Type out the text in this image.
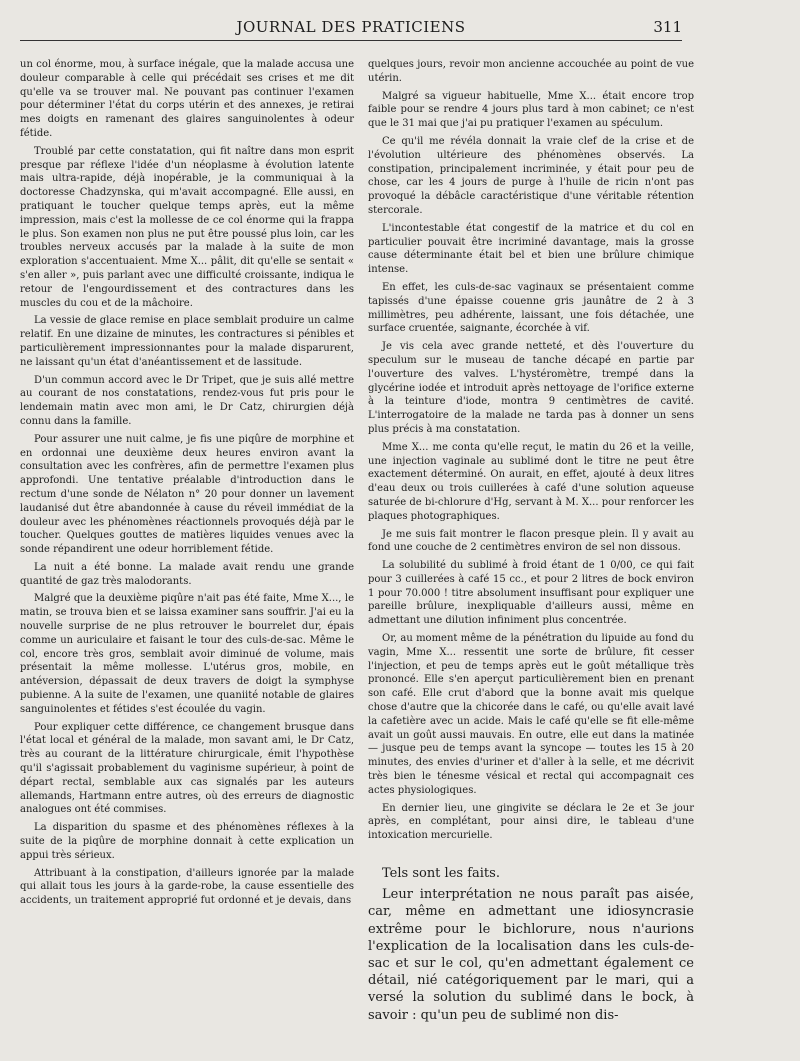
JOURNAL DES PRATICIENS	311

un col énorme, mou, à surface inégale, que la malade accusa une douleur comparable à celle qui précédait ses crises et me dit qu'elle va se trouver mal. Ne pouvant pas continuer l'examen pour déterminer l'état du corps utérin et des annexes, je retirai mes doigts en ramenant des glaires sanguinolentes à odeur fétide.

Troublé par cette constatation, qui fit naître dans mon esprit presque par réflexe l'idée d'un néoplasme à évolution latente mais ultra-rapide, déjà inopérable, je la communiquai à la doctoresse Chadzynska, qui m'avait accompagné. Elle aussi, en pratiquant le toucher quelque temps après, eut la même impression, mais c'est la mollesse de ce col énorme qui la frappa le plus. Son examen non plus ne put être poussé plus loin, car les troubles nerveux accusés par la malade à la suite de mon exploration s'accentuaient. Mme X... pâlit, dit qu'elle se sentait « s'en aller », puis parlant avec une difficulté croissante, indiqua le retour de l'engourdissement et des contractures dans les muscles du cou et de la mâchoire.

La vessie de glace remise en place semblait produire un calme relatif. En une dizaine de minutes, les contractures si pénibles et particulièrement impressionnantes pour la malade disparurent, ne laissant qu'un état d'anéantissement et de lassitude.

D'un commun accord avec le Dr Tripet, que je suis allé mettre au courant de nos constatations, rendez-vous fut pris pour le lendemain matin avec mon ami, le Dr Catz, chirurgien déjà connu dans la famille.

Pour assurer une nuit calme, je fis une piqûre de morphine et en ordonnai une deuxième deux heures environ avant la consultation avec les confrères, afin de permettre l'examen plus approfondi. Une tentative préalable d'introduction dans le rectum d'une sonde de Nélaton n° 20 pour donner un lavement laudanisé dut être abandonnée à cause du réveil immédiat de la douleur avec les phénomènes réactionnels provoqués déjà par le toucher. Quelques gouttes de matières liquides venues avec la sonde répandirent une odeur horriblement fétide.

La nuit a été bonne. La malade avait rendu une grande quantité de gaz très malodorants.

Malgré que la deuxième piqûre n'ait pas été faite, Mme X..., le matin, se trouva bien et se laissa examiner sans souffrir. J'ai eu la nouvelle surprise de ne plus retrouver le bourrelet dur, épais comme un auriculaire et faisant le tour des culs-de-sac. Même le col, encore très gros, semblait avoir diminué de volume, mais présentait la même mollesse. L'utérus gros, mobile, en antéversion, dépassait de deux travers de doigt la symphyse pubienne. A la suite de l'examen, une quaniité notable de glaires sanguinolentes et fétides s'est écoulée du vagin.

Pour expliquer cette différence, ce changement brusque dans l'état local et général de la malade, mon savant ami, le Dr Catz, très au courant de la littérature chirurgicale, émit l'hypothèse qu'il s'agissait probablement du vaginisme supérieur, à point de départ rectal, semblable aux cas signalés par les auteurs allemands, Hartmann entre autres, où des erreurs de diagnostic analogues ont été commises.

La disparition du spasme et des phénomènes réflexes à la suite de la piqûre de morphine donnait à cette explication un appui très sérieux.

Attribuant à la constipation, d'ailleurs ignorée par la malade qui allait tous les jours à la garde-robe, la cause essentielle des accidents, un traitement approprié fut ordonné et je devais, dans

quelques jours, revoir mon ancienne accouchée au point de vue utérin.

Malgré sa vigueur habituelle, Mme X... était encore trop faible pour se rendre 4 jours plus tard à mon cabinet; ce n'est que le 31 mai que j'ai pu pratiquer l'examen au spéculum.

Ce qu'il me révéla donnait la vraie clef de la crise et de l'évolution ultérieure des phénomènes observés. La constipation, principalement incriminée, y était pour peu de chose, car les 4 jours de purge à l'huile de ricin n'ont pas provoqué la débâcle caractéristique d'une véritable rétention stercorale.

L'incontestable état congestif de la matrice et du col en particulier pouvait être incriminé davantage, mais la grosse cause déterminante était bel et bien une brûlure chimique intense.

En effet, les culs-de-sac vaginaux se présentaient comme tapissés d'une épaisse couenne gris jaunâtre de 2 à 3 millimètres, peu adhérente, laissant, une fois détachée, une surface cruentée, saignante, écorchée à vif.

Je vis cela avec grande netteté, et dès l'ouverture du speculum sur le museau de tanche décapé en partie par l'ouverture des valves. L'hystéromètre, trempé dans la glycérine iodée et introduit après nettoyage de l'orifice externe à la teinture d'iode, montra 9 centimètres de cavité. L'interrogatoire de la malade ne tarda pas à donner un sens plus précis à ma constatation.

Mme X... me conta qu'elle reçut, le matin du 26 et la veille, une injection vaginale au sublimé dont le titre ne peut être exactement déterminé. On aurait, en effet, ajouté à deux litres d'eau deux ou trois cuillerées à café d'une solution aqueuse saturée de bi-chlorure d'Hg, servant à M. X... pour renforcer les plaques photographiques.

Je me suis fait montrer le flacon presque plein. Il y avait au fond une couche de 2 centimètres environ de sel non dissous.

La solubilité du sublimé à froid étant de 1 0/00, ce qui fait pour 3 cuillerées à café 15 cc., et pour 2 litres de bock environ 1 pour 70.000 ! titre absolument insuffisant pour expliquer une pareille brûlure, inexpliquable d'ailleurs aussi, même en admettant une dilution infiniment plus concentrée.

Or, au moment même de la pénétration du lipuide au fond du vagin, Mme X... ressentit une sorte de brûlure, fit cesser l'injection, et peu de temps après eut le goût métallique très prononcé. Elle s'en aperçut particulièrement bien en prenant son café. Elle crut d'abord que la bonne avait mis quelque chose d'autre que la chicorée dans le café, ou qu'elle avait lavé la cafetière avec un acide. Mais le café qu'elle se fit elle-même avait un goût aussi mauvais. En outre, elle eut dans la matinée — jusque peu de temps avant la syncope — toutes les 15 à 20 minutes, des envies d'uriner et d'aller à la selle, et me décrivit très bien le ténesme vésical et rectal qui accompagnait ces actes physiologiques.

En dernier lieu, une gingivite se déclara le 2e et 3e jour après, en complétant, pour ainsi dire, le tableau d'une intoxication mercurielle.

Tels sont les faits.

Leur interprétation ne nous paraît pas aisée, car, même en admettant une idiosyncrasie extrême pour le bichlorure, nous n'aurions l'explication de la localisation dans les culs-de-sac et sur le col, qu'en admettant également ce détail, nié catégoriquement par le mari, qui a versé la solution du sublimé dans le bock, à savoir : qu'un peu de sublimé non dis-
